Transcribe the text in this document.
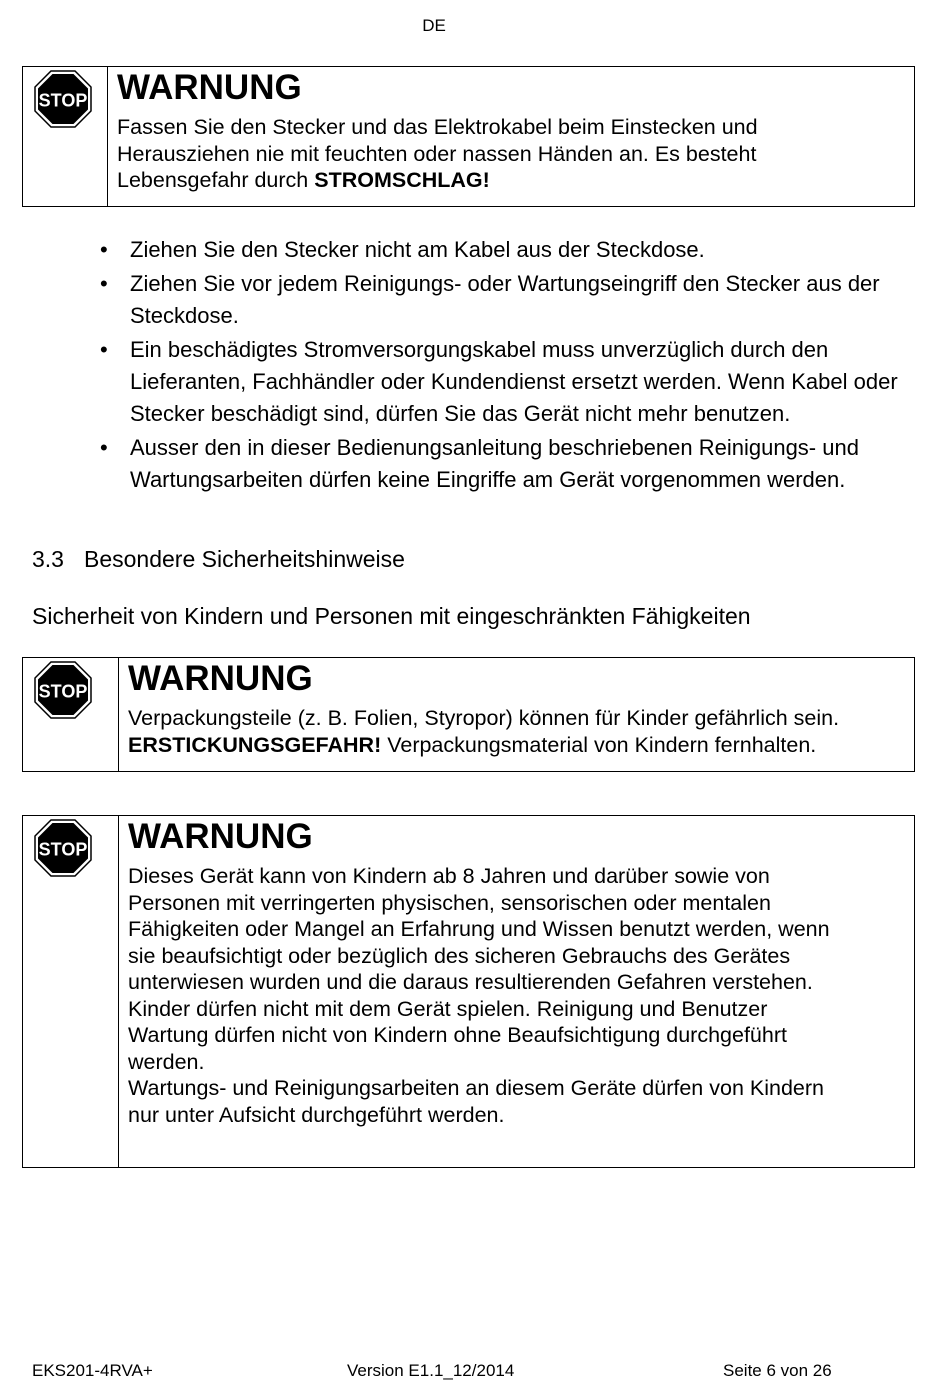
DE
STOP WARNUNG
Fassen Sie den Stecker und das Elektrokabel beim Einstecken und
Herausziehen nie mit feuchten oder nassen Händen an. Es besteht
Lebensgefahr durch STROMSCHLAG!
• Ziehen Sie den Stecker nicht am Kabel aus der Steckdose.
• Ziehen Sie vor jedem Reinigungs- oder Wartungseingriff den Stecker aus der Steckdose.
• Ein beschädigtes Stromversorgungskabel muss unverzüglich durch den Lieferanten, Fachhändler oder Kundendienst ersetzt werden. Wenn Kabel oder Stecker beschädigt sind, dürfen Sie das Gerät nicht mehr benutzen.
• Ausser den in dieser Bedienungsanleitung beschriebenen Reinigungs- und Wartungsarbeiten dürfen keine Eingriffe am Gerät vorgenommen werden.
3.3 Besondere Sicherheitshinweise
Sicherheit von Kindern und Personen mit eingeschränkten Fähigkeiten
STOP WARNUNG
Verpackungsteile (z. B. Folien, Styropor) können für Kinder gefährlich sein.
ERSTICKUNGSGEFAHR! Verpackungsmaterial von Kindern fernhalten.
STOP WARNUNG
Dieses Gerät kann von Kindern ab 8 Jahren und darüber sowie von
Personen mit verringerten physischen, sensorischen oder mentalen
Fähigkeiten oder Mangel an Erfahrung und Wissen benutzt werden, wenn
sie beaufsichtigt oder bezüglich des sicheren Gebrauchs des Gerätes
unterwiesen wurden und die daraus resultierenden Gefahren verstehen.
Kinder dürfen nicht mit dem Gerät spielen. Reinigung und Benutzer
Wartung dürfen nicht von Kindern ohne Beaufsichtigung durchgeführt
werden.
Wartungs- und Reinigungsarbeiten an diesem Geräte dürfen von Kindern
nur unter Aufsicht durchgeführt werden.
EKS201-4RVA+	Version E1.1_12/2014	Seite 6 von 26
